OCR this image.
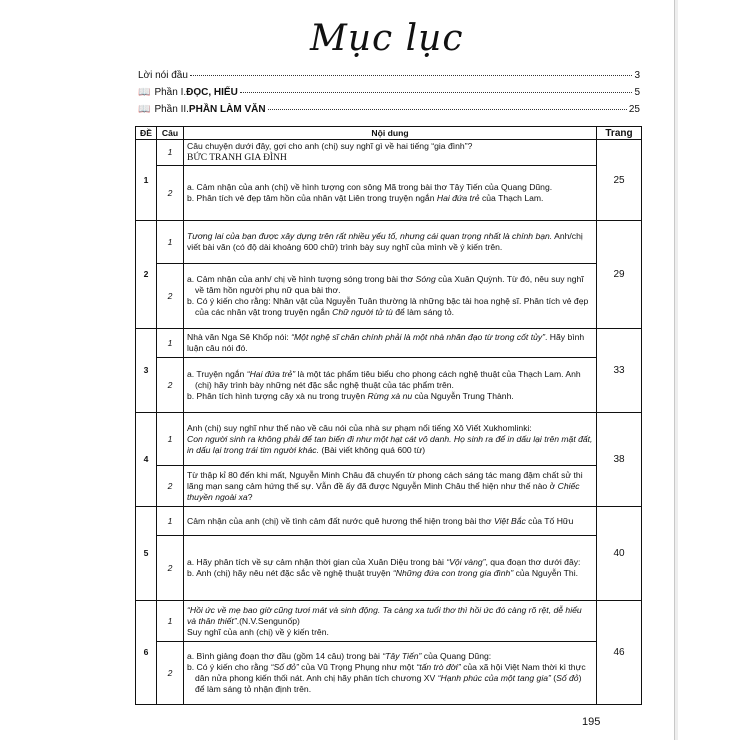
Mục lục
Lời nói đầu	3
📖 Phần I. ĐỌC, HIỂU	5
📖 Phần II. PHẦN LÀM VĂN	25
ĐỀ	Câu	Nội dung	Trang
1	1	Câu chuyện dưới đây, gợi cho anh (chị) suy nghĩ gì về hai tiếng “gia đình”?
BỨC TRANH GIA ĐÌNH	25
	2	a. Cảm nhận của anh (chị) về hình tượng con sông Mã trong bài thơ Tây Tiến của Quang Dũng.
b. Phân tích vẻ đẹp tâm hồn của nhân vật Liên trong truyện ngắn Hai đứa trẻ của Thạch Lam.	

2	1	Tương lai của bạn được xây dựng trên rất nhiều yếu tố, nhưng cái quan trọng nhất là chính bạn. Anh/chị viết bài văn (có độ dài khoảng 600 chữ) trình bày suy nghĩ của mình về ý kiến trên.	29
	2	a. Cảm nhận của anh/ chị về hình tượng sóng trong bài thơ Sóng của Xuân Quỳnh. Từ đó, nêu suy nghĩ về tâm hồn người phụ nữ qua bài thơ.
b. Có ý kiến cho rằng: Nhân vật của Nguyễn Tuân thường là những bậc tài hoa nghệ sĩ. Phân tích vẻ đẹp của các nhân vật trong truyện ngắn Chữ người tử tù để làm sáng tỏ.	

3	1	Nhà văn Nga Sê Khốp nói: “Một nghệ sĩ chân chính phải là một nhà nhân đạo từ trong cốt tủy”. Hãy bình luận câu nói đó.	33
	2	a. Truyện ngắn “Hai đứa trẻ” là một tác phẩm tiêu biểu cho phong cách nghệ thuật của Thạch Lam. Anh (chị) hãy trình bày những nét đặc sắc nghệ thuật của tác phẩm trên.
b. Phân tích hình tượng cây xà nu trong truyện Rừng xà nu của Nguyễn Trung Thành.	

4	1	Anh (chị) suy nghĩ như thế nào về câu nói của nhà sư phạm nổi tiếng Xô Viết Xukhomlinki:
Con người sinh ra không phải để tan biến đi như một hạt cát vô danh. Họ sinh ra để in dấu lại trên mặt đất, in dấu lại trong trái tim người khác. (Bài viết không quá 600 từ)	38
	2	Từ thập kỉ 80 đến khi mất, Nguyễn Minh Châu đã chuyển từ phong cách sáng tác mang đậm chất sử thi lãng mạn sang cảm hứng thế sự. Vẫn đề ấy đã được Nguyễn Minh Châu thể hiện như thế nào ở Chiếc thuyền ngoài xa?	
5	1	Cảm nhận của anh (chị) về tình cảm đất nước quê hương thể hiện trong bài thơ Việt Bắc của Tố Hữu	40
	2	a. Hãy phân tích về sự cảm nhận thời gian của Xuân Diệu trong bài “Vội vàng”, qua đoạn thơ dưới đây:
b. Anh (chị) hãy nêu nét đặc sắc về nghệ thuật truyện “Những đứa con trong gia đình” của Nguyễn Thi.	

6	1	“Hồi ức về mẹ bao giờ cũng tươi mát và sinh động. Ta càng xa tuổi thơ thì hồi ức đó càng rõ rệt, dễ hiểu và thân thiết”.(N.V.Sengunốp)
Suy nghĩ của anh (chị) về ý kiến trên.	46
	2	a. Bình giảng đoạn thơ đầu (gồm 14 câu) trong bài “Tây Tiến” của Quang Dũng:
b. Có ý kiến cho rằng “Số đỏ” của Vũ Trọng Phụng như một “tấn trò đời” của xã hội Việt Nam thời kì thực dân nửa phong kiến thối nát. Anh chị hãy phân tích chương XV “Hạnh phúc của một tang gia” (Số đỏ) để làm sáng tỏ nhận định trên.	
195
